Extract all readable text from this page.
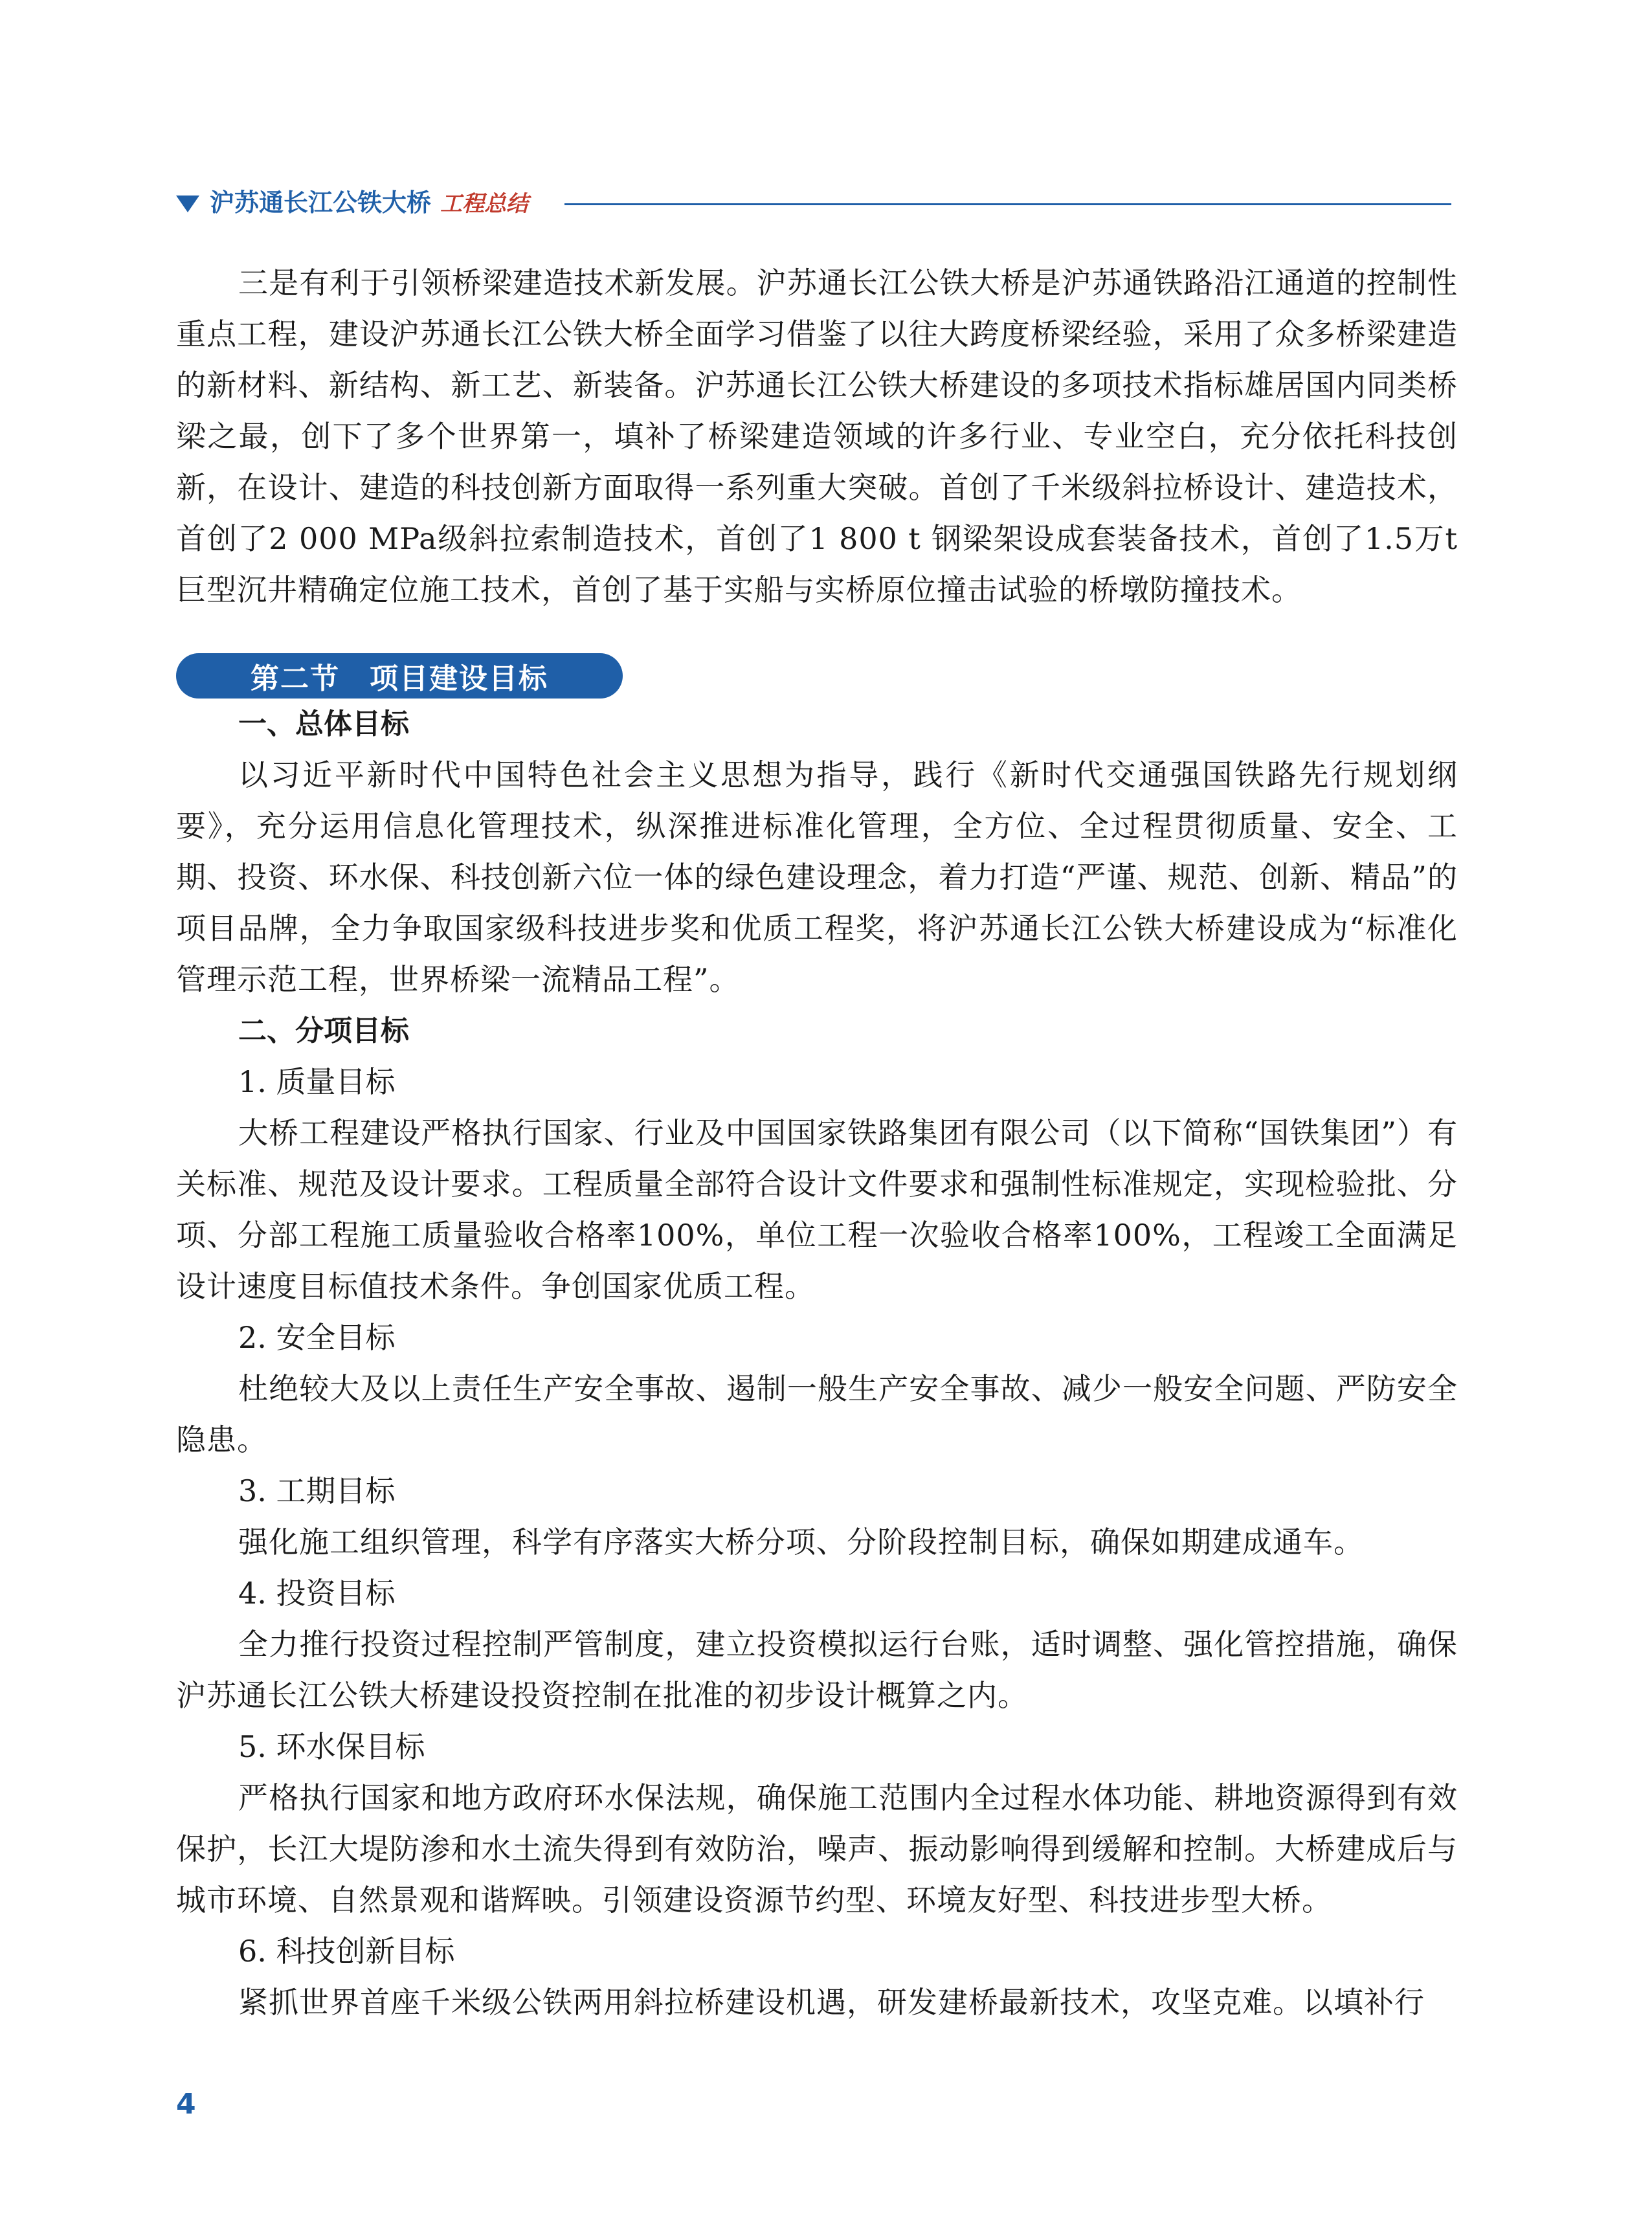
沪苏通长江公铁大桥 工程总结

三是有利于引领桥梁建造技术新发展。沪苏通长江公铁大桥是沪苏通铁路沿江通道的控制性重点工程，建设沪苏通长江公铁大桥全面学习借鉴了以往大跨度桥梁经验，采用了众多桥梁建造的新材料、新结构、新工艺、新装备。沪苏通长江公铁大桥建设的多项技术指标雄居国内同类桥梁之最，创下了多个世界第一，填补了桥梁建造领域的许多行业、专业空白，充分依托科技创新，在设计、建造的科技创新方面取得一系列重大突破。首创了千米级斜拉桥设计、建造技术，首创了2 000 MPa级斜拉索制造技术，首创了1 800 t 钢梁架设成套装备技术，首创了1.5万t巨型沉井精确定位施工技术，首创了基于实船与实桥原位撞击试验的桥墩防撞技术。

第二节　项目建设目标

一、总体目标

以习近平新时代中国特色社会主义思想为指导，践行《新时代交通强国铁路先行规划纲要》，充分运用信息化管理技术，纵深推进标准化管理，全方位、全过程贯彻质量、安全、工期、投资、环水保、科技创新六位一体的绿色建设理念，着力打造“严谨、规范、创新、精品”的项目品牌，全力争取国家级科技进步奖和优质工程奖，将沪苏通长江公铁大桥建设成为“标准化管理示范工程，世界桥梁一流精品工程”。

二、分项目标

1. 质量目标

大桥工程建设严格执行国家、行业及中国国家铁路集团有限公司（以下简称“国铁集团”）有关标准、规范及设计要求。工程质量全部符合设计文件要求和强制性标准规定，实现检验批、分项、分部工程施工质量验收合格率100%，单位工程一次验收合格率100%，工程竣工全面满足设计速度目标值技术条件。争创国家优质工程。

2. 安全目标

杜绝较大及以上责任生产安全事故、遏制一般生产安全事故、减少一般安全问题、严防安全隐患。

3. 工期目标

强化施工组织管理，科学有序落实大桥分项、分阶段控制目标，确保如期建成通车。

4. 投资目标

全力推行投资过程控制严管制度，建立投资模拟运行台账，适时调整、强化管控措施，确保沪苏通长江公铁大桥建设投资控制在批准的初步设计概算之内。

5. 环水保目标

严格执行国家和地方政府环水保法规，确保施工范围内全过程水体功能、耕地资源得到有效保护，长江大堤防渗和水土流失得到有效防治，噪声、振动影响得到缓解和控制。大桥建成后与城市环境、自然景观和谐辉映。引领建设资源节约型、环境友好型、科技进步型大桥。

6. 科技创新目标

紧抓世界首座千米级公铁两用斜拉桥建设机遇，研发建桥最新技术，攻坚克难。以填补行

4
